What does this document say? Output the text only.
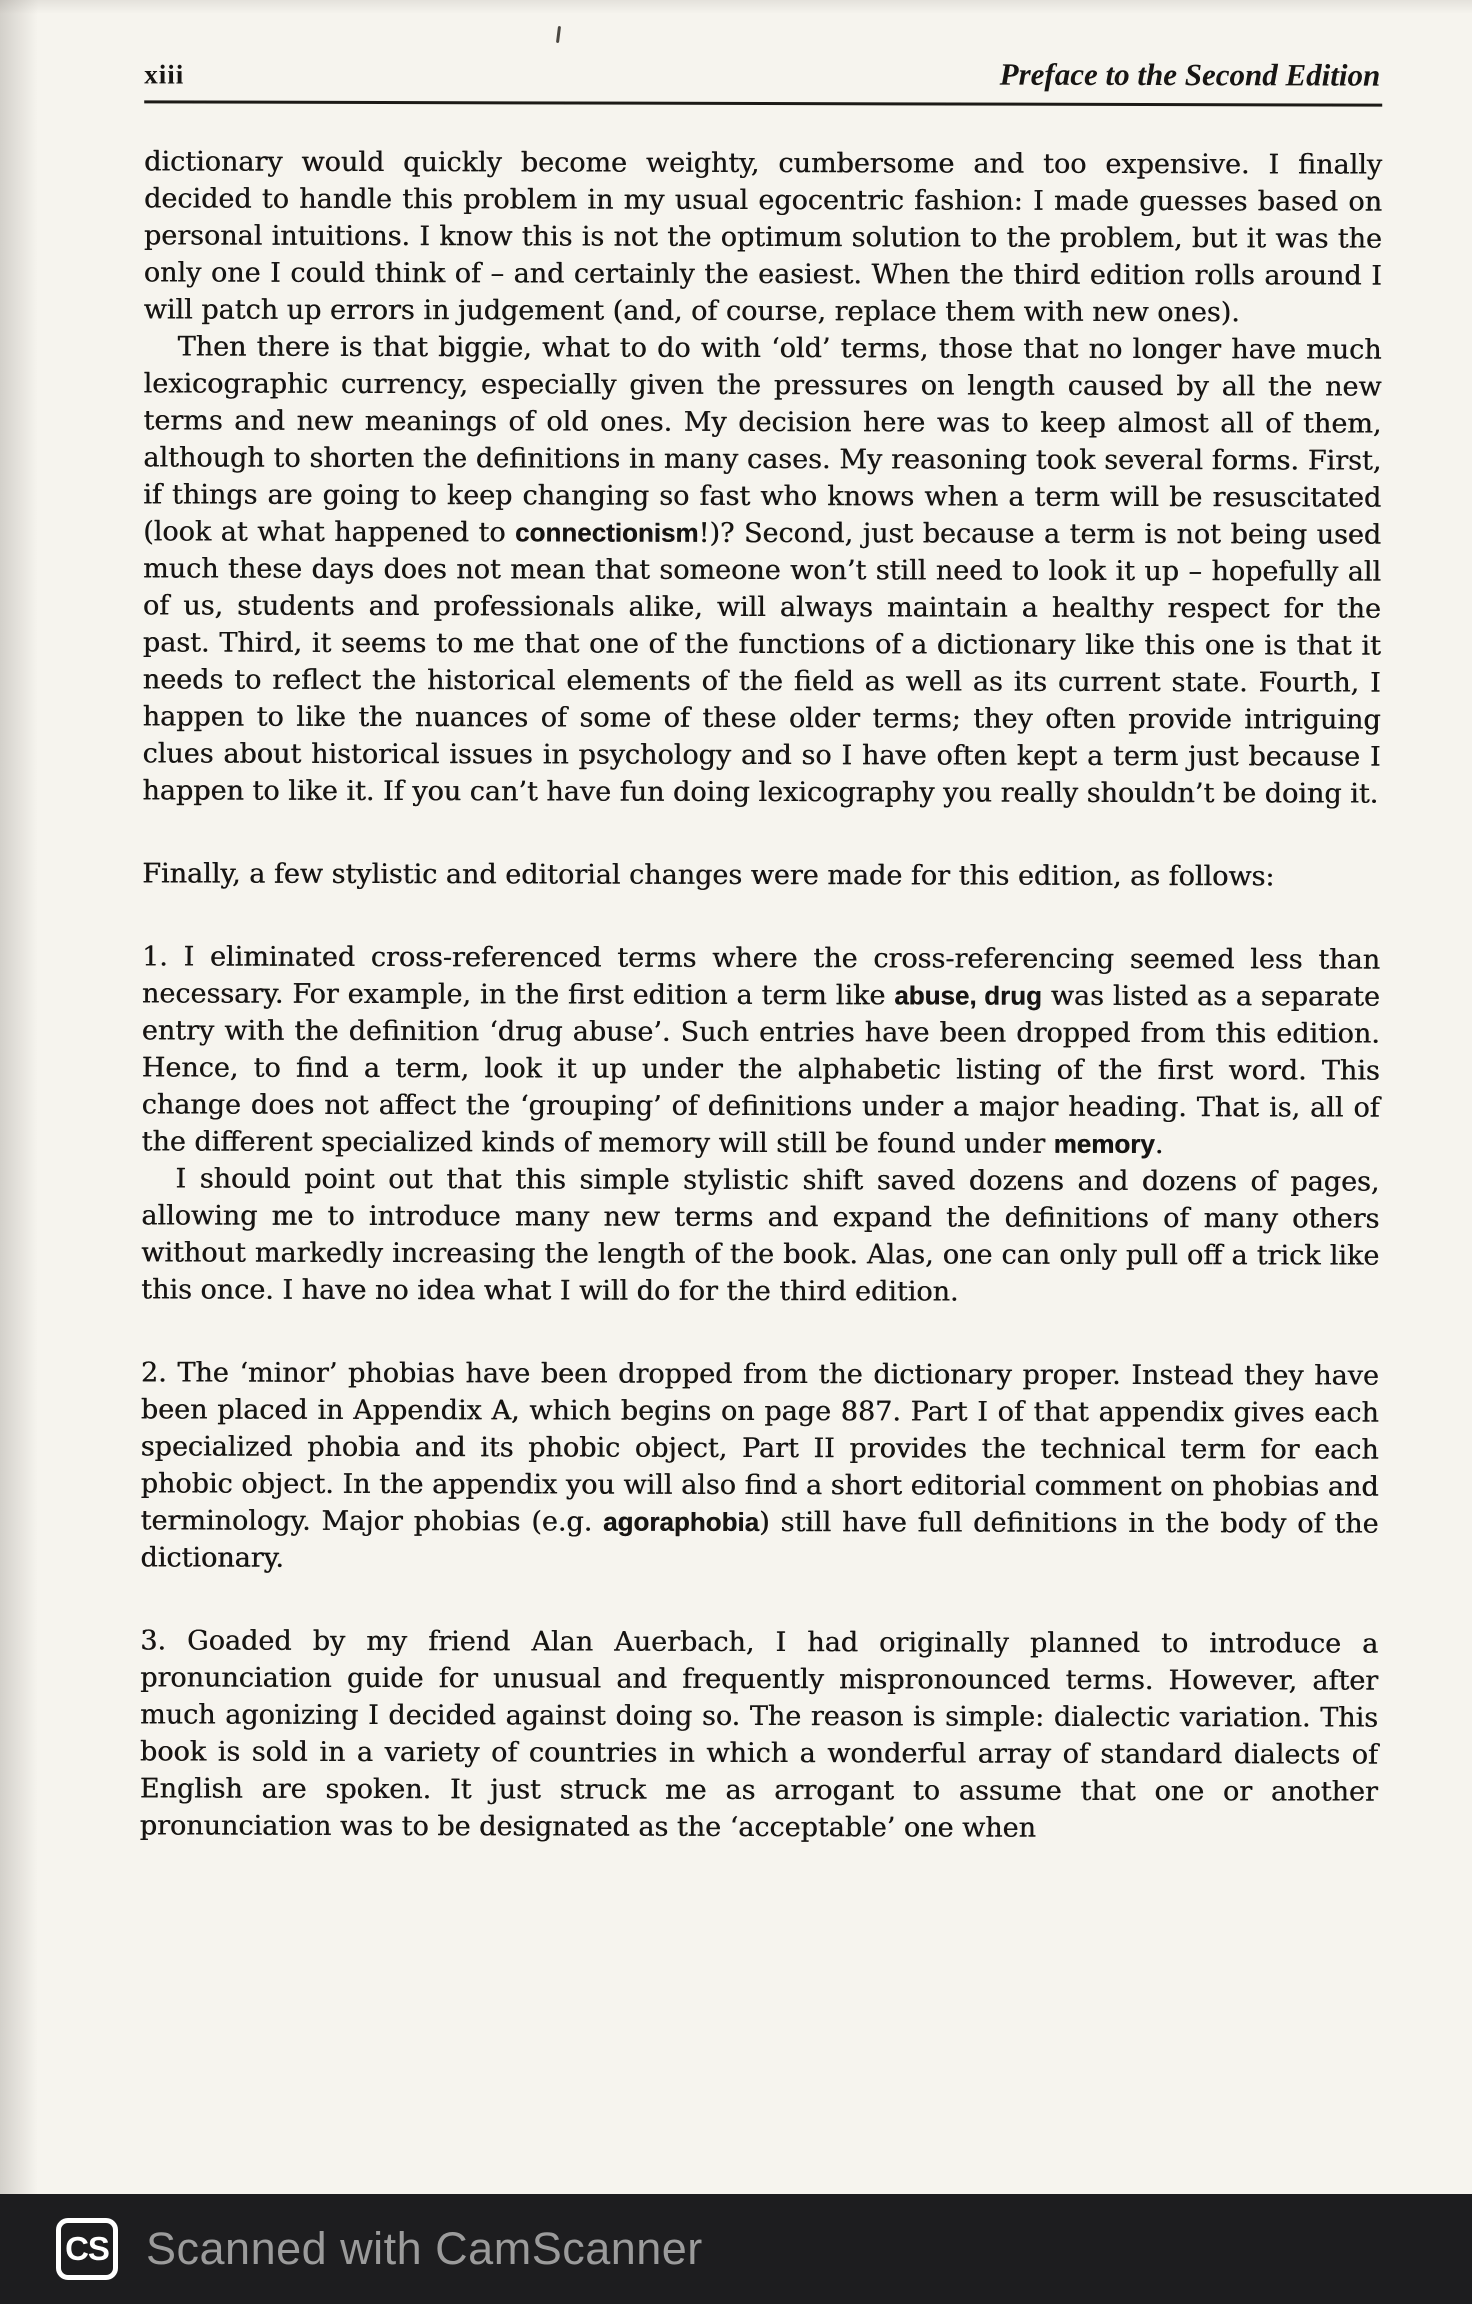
xiii	Preface to the Second Edition

dictionary would quickly become weighty, cumbersome and too expensive. I finally decided to handle this problem in my usual egocentric fashion: I made guesses based on personal intuitions. I know this is not the optimum solution to the problem, but it was the only one I could think of – and certainly the easiest. When the third edition rolls around I will patch up errors in judgement (and, of course, replace them with new ones).

Then there is that biggie, what to do with ‘old’ terms, those that no longer have much lexicographic currency, especially given the pressures on length caused by all the new terms and new meanings of old ones. My decision here was to keep almost all of them, although to shorten the definitions in many cases. My reasoning took several forms. First, if things are going to keep changing so fast who knows when a term will be resuscitated (look at what happened to connectionism!)? Second, just because a term is not being used much these days does not mean that someone won’t still need to look it up – hopefully all of us, students and professionals alike, will always maintain a healthy respect for the past. Third, it seems to me that one of the functions of a dictionary like this one is that it needs to reflect the historical elements of the field as well as its current state. Fourth, I happen to like the nuances of some of these older terms; they often provide intriguing clues about historical issues in psychology and so I have often kept a term just because I happen to like it. If you can’t have fun doing lexicography you really shouldn’t be doing it.

Finally, a few stylistic and editorial changes were made for this edition, as follows:

1. I eliminated cross-referenced terms where the cross-referencing seemed less than necessary. For example, in the first edition a term like abuse, drug was listed as a separate entry with the definition ‘drug abuse’. Such entries have been dropped from this edition. Hence, to find a term, look it up under the alphabetic listing of the first word. This change does not affect the ‘grouping’ of definitions under a major heading. That is, all of the different specialized kinds of memory will still be found under memory.

I should point out that this simple stylistic shift saved dozens and dozens of pages, allowing me to introduce many new terms and expand the definitions of many others without markedly increasing the length of the book. Alas, one can only pull off a trick like this once. I have no idea what I will do for the third edition.

2. The ‘minor’ phobias have been dropped from the dictionary proper. Instead they have been placed in Appendix A, which begins on page 887. Part I of that appendix gives each specialized phobia and its phobic object, Part II provides the technical term for each phobic object. In the appendix you will also find a short editorial comment on phobias and terminology. Major phobias (e.g. agoraphobia) still have full definitions in the body of the dictionary.

3. Goaded by my friend Alan Auerbach, I had originally planned to introduce a pronunciation guide for unusual and frequently mispronounced terms. However, after much agonizing I decided against doing so. The reason is simple: dialectic variation. This book is sold in a variety of countries in which a wonderful array of standard dialects of English are spoken. It just struck me as arrogant to assume that one or another pronunciation was to be designated as the ‘acceptable’ one when

CS Scanned with CamScanner
